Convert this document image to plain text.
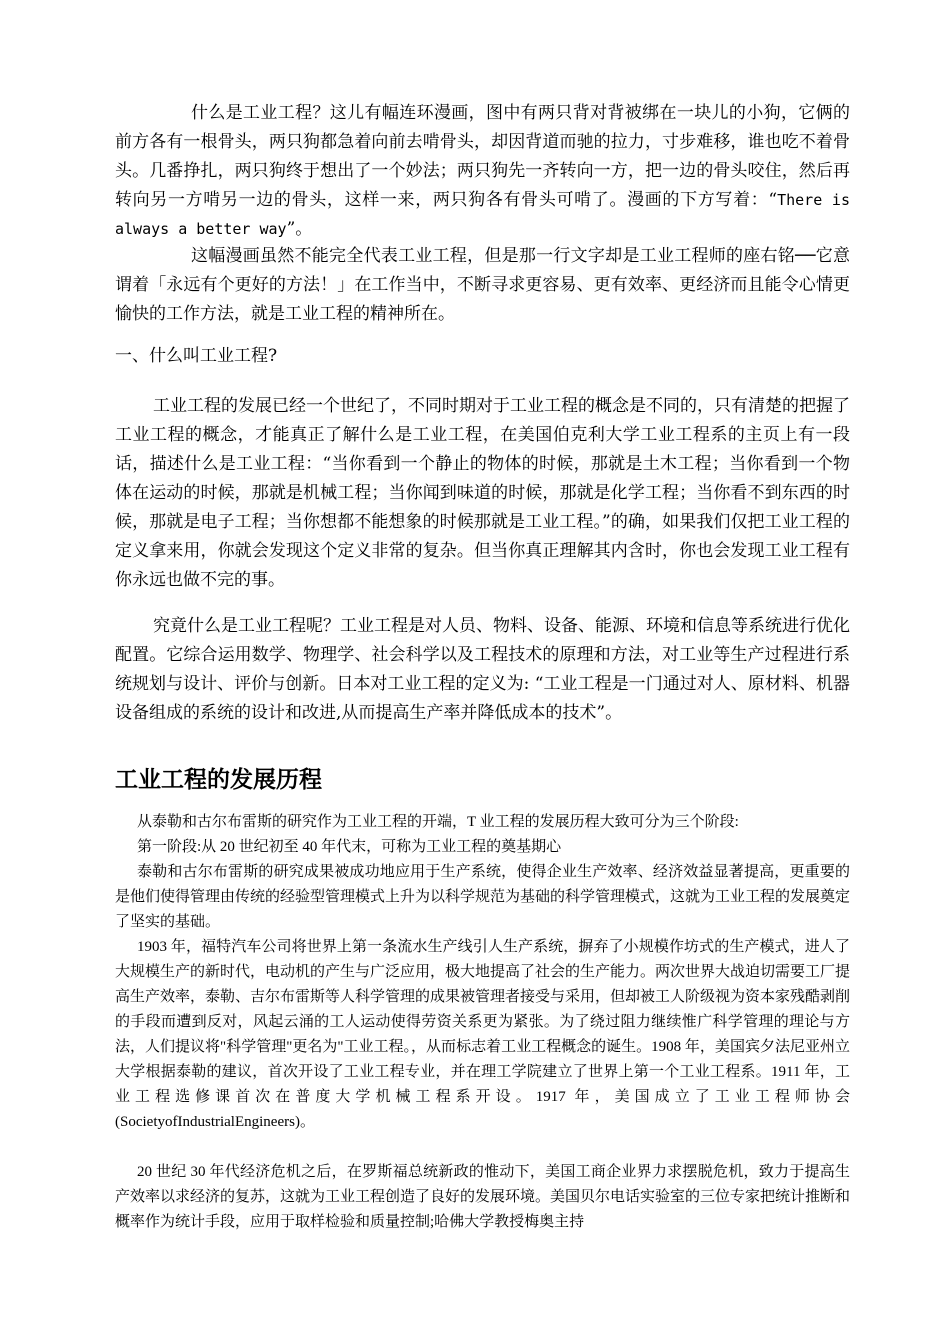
什么是工业工程？这儿有幅连环漫画，图中有两只背对背被绑在一块儿的小狗，它俩的前方各有一根骨头，两只狗都急着向前去啃骨头，却因背道而驰的拉力，寸步难移，谁也吃不着骨头。几番挣扎，两只狗终于想出了一个妙法；两只狗先一齐转向一方，把一边的骨头咬住，然后再转向另一方啃另一边的骨头，这样一来，两只狗各有骨头可啃了。漫画的下方写着：“There is always a better way”。

这幅漫画虽然不能完全代表工业工程，但是那一行文字却是工业工程师的座右铭──它意谓着「永远有个更好的方法！」在工作当中，不断寻求更容易、更有效率、更经济而且能令心情更愉快的工作方法，就是工业工程的精神所在。

一、什么叫工业工程?

工业工程的发展已经一个世纪了，不同时期对于工业工程的概念是不同的，只有清楚的把握了工业工程的概念，才能真正了解什么是工业工程，在美国伯克利大学工业工程系的主页上有一段话，描述什么是工业工程：“当你看到一个静止的物体的时候，那就是土木工程；当你看到一个物体在运动的时候，那就是机械工程；当你闻到味道的时候，那就是化学工程；当你看不到东西的时候，那就是电子工程；当你想都不能想象的时候那就是工业工程。”的确，如果我们仅把工业工程的定义拿来用，你就会发现这个定义非常的复杂。但当你真正理解其内含时，你也会发现工业工程有你永远也做不完的事。

究竟什么是工业工程呢？工业工程是对人员、物料、设备、能源、环境和信息等系统进行优化配置。它综合运用数学、物理学、社会科学以及工程技术的原理和方法，对工业等生产过程进行系统规划与设计、评价与创新。日本对工业工程的定义为: “工业工程是一门通过对人、原材料、机器设备组成的系统的设计和改进,从而提高生产率并降低成本的技术”。

工业工程的发展历程

从泰勒和古尔布雷斯的研究作为工业工程的开端，T 业工程的发展历程大致可分为三个阶段:

第一阶段:从 20 世纪初至 40 年代末，可称为工业工程的奠基期心

泰勒和古尔布雷斯的研究成果被成功地应用于生产系统，使得企业生产效率、经济效益显著提高，更重要的是他们使得管理由传统的经验型管理模式上升为以科学规范为基础的科学管理模式，这就为工业工程的发展奠定了坚实的基础。

1903 年，福特汽车公司将世界上第一条流水生产线引人生产系统，摒弃了小规模作坊式的生产模式，进人了大规模生产的新时代，电动机的产生与广泛应用，极大地提高了社会的生产能力。两次世界大战迫切需要工厂提高生产效率，泰勒、吉尔布雷斯等人科学管理的成果被管理者接受与采用，但却被工人阶级视为资本家残酷剥削的手段而遭到反对，风起云涌的工人运动使得劳资关系更为紧张。为了绕过阻力继续惟广科学管理的理论与方法，人们提议将"科学管理"更名为"工业工程。，从而标志着工业工程概念的诞生。1908 年，美国宾夕法尼亚州立大学根据泰勒的建议，首次开设了工业工程专业，并在理工学院建立了世界上第一个工业工程系。1911 年，工业工程选修课首次在普度大学机械工程系开设。1917 年，美国成立了工业工程师协会(SocietyofIndustrialEngineers)。

20 世纪 30 年代经济危机之后，在罗斯福总统新政的惟动下，美国工商企业界力求摆脱危机，致力于提高生产效率以求经济的复苏，这就为工业工程创造了良好的发展环境。美国贝尔电话实验室的三位专家把统计推断和概率作为统计手段，应用于取样检验和质量控制;哈佛大学教授梅奥主持
